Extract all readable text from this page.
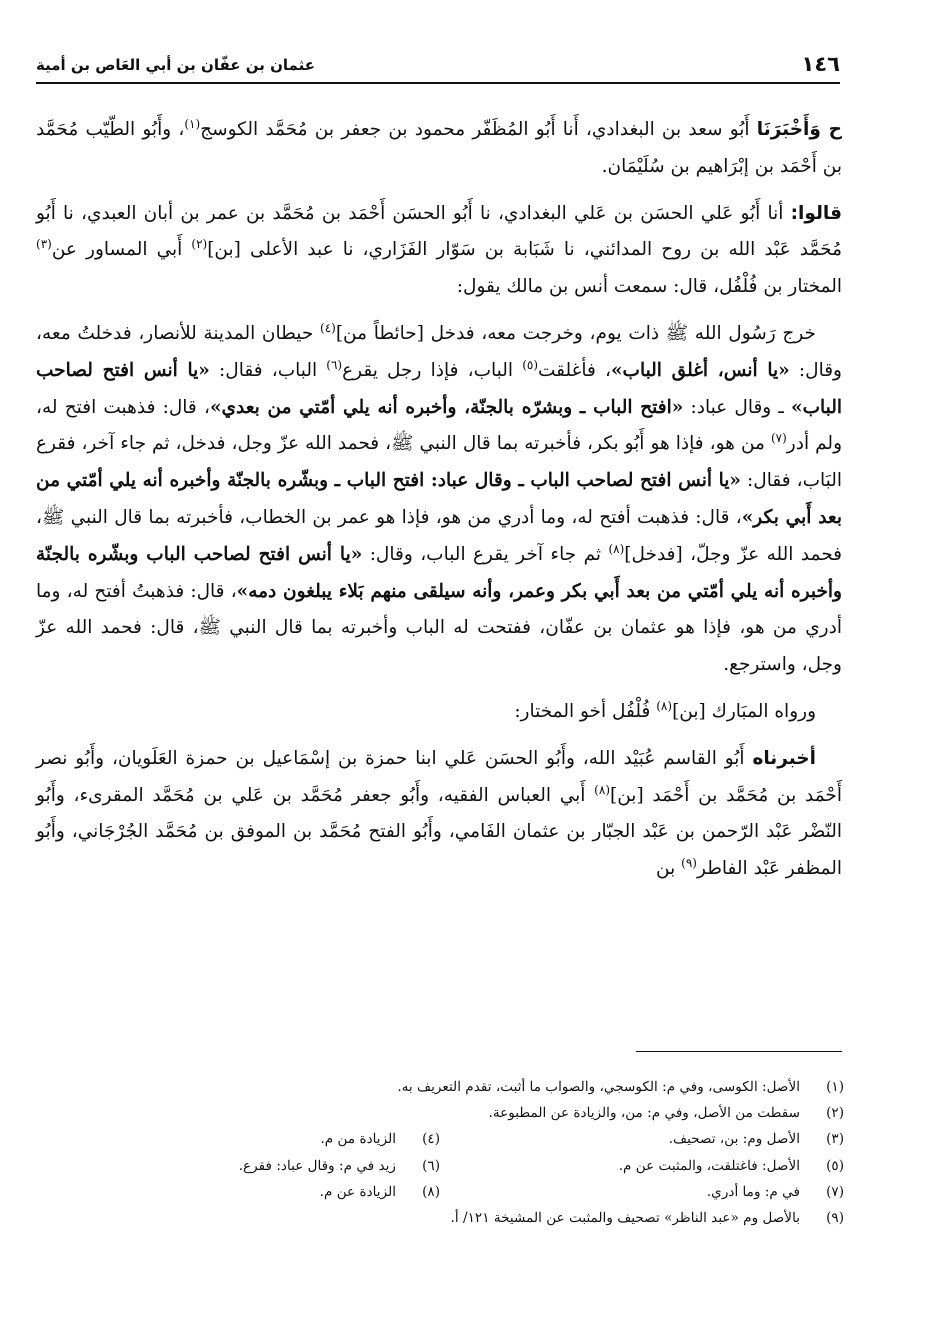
١٤٦
عثمان بن عفّان بن أبي العَاص بن أمية

ح وَأَخْبَرَنَا أَبُو سعد بن البغدادي، أَنا أَبُو المُظَفّر محمود بن جعفر بن مُحَمَّد الكوسج$^{(١)}$، وأَبُو الطّيّب مُحَمَّد بن أَحْمَد بن إبْرَاهيم بن سُلَيْمَان.

قالوا: أنا أَبُو عَلي الحسَن بن عَلي البغدادي، نا أَبُو الحسَن أَحْمَد بن مُحَمَّد بن عمر بن أبان العبدي، نا أَبُو مُحَمَّد عَبْد الله بن روح المدائني، نا شَبَابة بن سَوّار الفَزَاري، نا عبد الأعلى [بن]$^{(٢)}$ أَبي المساور عن$^{(٣)}$ المختار بن فُلْفُل، قال: سمعت أنس بن مالك يقول:

خرج رَسُول الله ﷺ ذات يوم، وخرجت معه، فدخل [حائطاً من]$^{(٤)}$ حيطان المدينة للأنصار، فدخلتُ معه، وقال: «يا أنس، أغلق الباب»، فأغلقت$^{(٥)}$ الباب، فإذا رجل يقرع$^{(٦)}$ الباب، فقال: «يا أنس افتح لصاحب الباب» ـ وقال عباد: «افتح الباب ـ وبشرّه بالجنّة، وأخبره أنه يلي أمّتي من بعدي»، قال: فذهبت افتح له، ولم أدر$^{(٧)}$ من هو، فإذا هو أَبُو بكر، فأخبرته بما قال النبي ﷺ، فحمد الله عزّ وجل، فدخل، ثم جاء آخر، فقرع البَاب، فقال: «يا أنس افتح لصاحب الباب ـ وقال عباد: افتح الباب ـ وبشّره بالجنّة وأخبره أنه يلي أمّتي من بعد أَبي بكر»، قال: فذهبت أفتح له، وما أدري من هو، فإذا هو عمر بن الخطاب، فأخبرته بما قال النبي ﷺ، فحمد الله عزّ وجلّ، [فدخل]$^{(٨)}$ ثم جاء آخر يقرع الباب، وقال: «يا أنس افتح لصاحب الباب وبشّره بالجنّة وأخبره أنه يلي أمّتي من بعد أَبي بكر وعمر، وأنه سيلقى منهم بَلاء يبلغون دمه»، قال: فذهبتُ أفتح له، وما أدري من هو، فإذا هو عثمان بن عفّان، ففتحت له الباب وأخبرته بما قال النبي ﷺ، قال: فحمد الله عزّ وجل، واسترجع.

ورواه المبَارك [بن]$^{(٨)}$ فُلْفُل أخو المختار:

أخبرناه أَبُو القاسم عُبَيْد الله، وأَبُو الحسَن عَلي ابنا حمزة بن إسْمَاعيل بن حمزة العَلَويان، وأَبُو نصر أَحْمَد بن مُحَمَّد بن أَحْمَد [بن]$^{(٨)}$ أَبي العباس الفقيه، وأَبُو جعفر مُحَمَّد بن عَلي بن مُحَمَّد المقرىء، وأَبُو النّضْر عَبْد الرّحمن بن عَبْد الجبّار بن عثمان الفَامي، وأَبُو الفتح مُحَمَّد بن الموفق بن مُحَمَّد الجُرْجَاني، وأَبُو المظفر عَبْد الفاطر$^{(٩)}$ بن

(١)
الأصل: الكوسى، وفي م: الكوسجي، والصواب ما أثبت، تقدم التعريف به.
(٢)
سقطت من الأصل، وفي م: من، والزيادة عن المطبوعة.
(٣)
الأصل وم: بن، تصحيف.
(٤)
الزيادة من م.
(٥)
الأصل: فاغتلقت، والمثبت عن م.
(٦)
زيد في م: وقال عباد: فقرع.
(٧)
في م: وما أدري.
(٨)
الزيادة عن م.
(٩)
بالأصل وم «عبد الناظر» تصحيف والمثبت عن المشيخة ١٢١/ أ.
